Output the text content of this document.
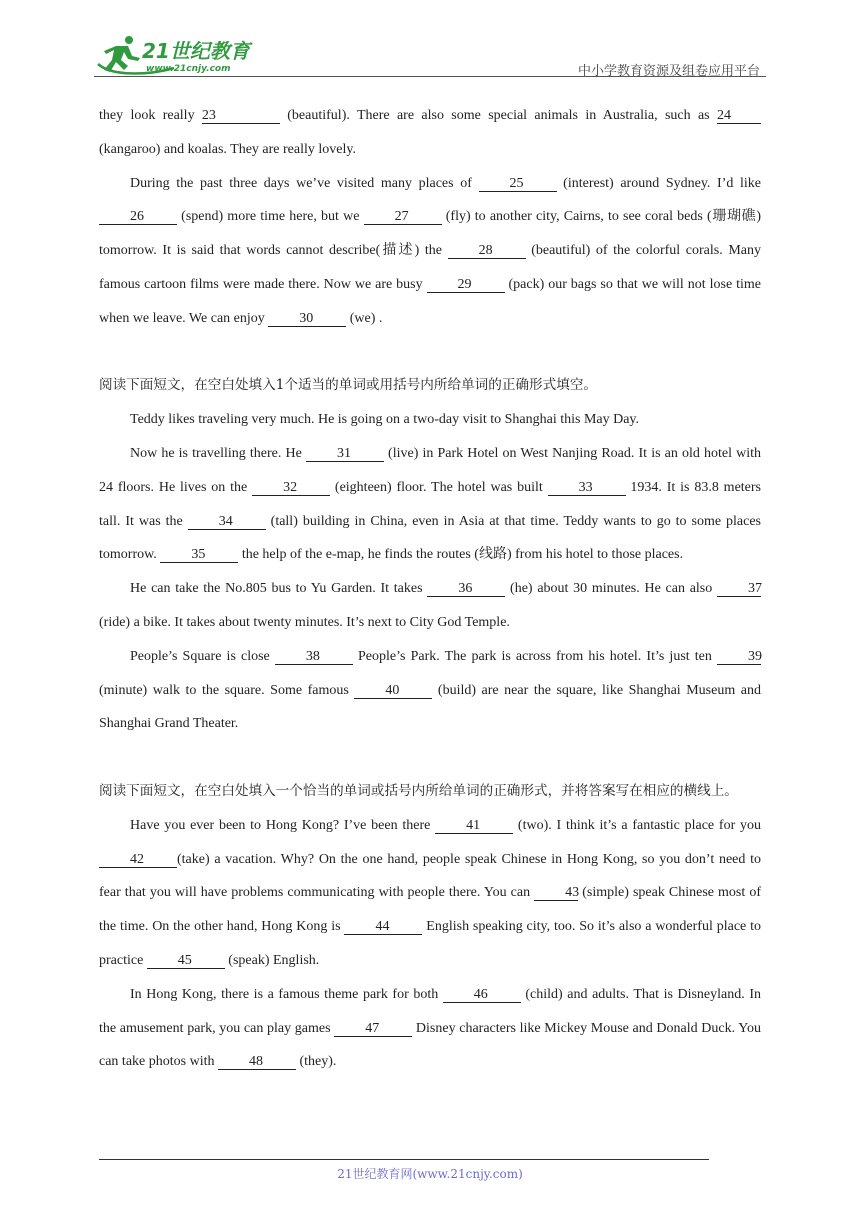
21世纪教育
www.21cnjy.com	中小学教育资源及组卷应用平台

they look really 23	(beautiful). There are also some special animals in Australia, such as 24 (kangaroo) and koalas. They are really lovely.

During the past three days we’ve visited many places of 25 (interest) around Sydney. I’d like 26 (spend) more time here, but we 27 (fly) to another city, Cairns, to see coral beds (珊瑚礁) tomorrow. It is said that words cannot describe(描述) the 28 (beautiful) of the colorful corals. Many famous cartoon films were made there. Now we are busy 29 (pack) our bags so that we will not lose time when we leave. We can enjoy 30 (we) .

阅读下面短文，在空白处填入1个适当的单词或用括号内所给单词的正确形式填空。

Teddy likes traveling very much. He is going on a two-day visit to Shanghai this May Day.

Now he is travelling there. He 31 (live) in Park Hotel on West Nanjing Road. It is an old hotel with 24 floors. He lives on the 32 (eighteen) floor. The hotel was built 33 1934. It is 83.8 meters tall. It was the 34 (tall) building in China, even in Asia at that time. Teddy wants to go to some places tomorrow. 35 the help of the e-map, he finds the routes (线路) from his hotel to those places.

He can take the No.805 bus to Yu Garden. It takes 36 (he) about 30 minutes. He can also 37 (ride) a bike. It takes about twenty minutes. It’s next to City God Temple.

People’s Square is close 38 People’s Park. The park is across from his hotel. It’s just ten 39 (minute) walk to the square. Some famous 40 (build) are near the square, like Shanghai Museum and Shanghai Grand Theater.

阅读下面短文，在空白处填入一个恰当的单词或括号内所给单词的正确形式，并将答案写在相应的横线上。

Have you ever been to Hong Kong? I’ve been there 41 (two). I think it’s a fantastic place for you 42 (take) a vacation. Why? On the one hand, people speak Chinese in Hong Kong, so you don’t need to fear that you will have problems communicating with people there. You can 43 (simple) speak Chinese most of the time. On the other hand, Hong Kong is 44 English speaking city, too. So it’s also a wonderful place to practice 45 (speak) English.

In Hong Kong, there is a famous theme park for both 46 (child) and adults. That is Disneyland. In the amusement park, you can play games 47 Disney characters like Mickey Mouse and Donald Duck. You can take photos with 48 (they).

21世纪教育网(www.21cnjy.com)
